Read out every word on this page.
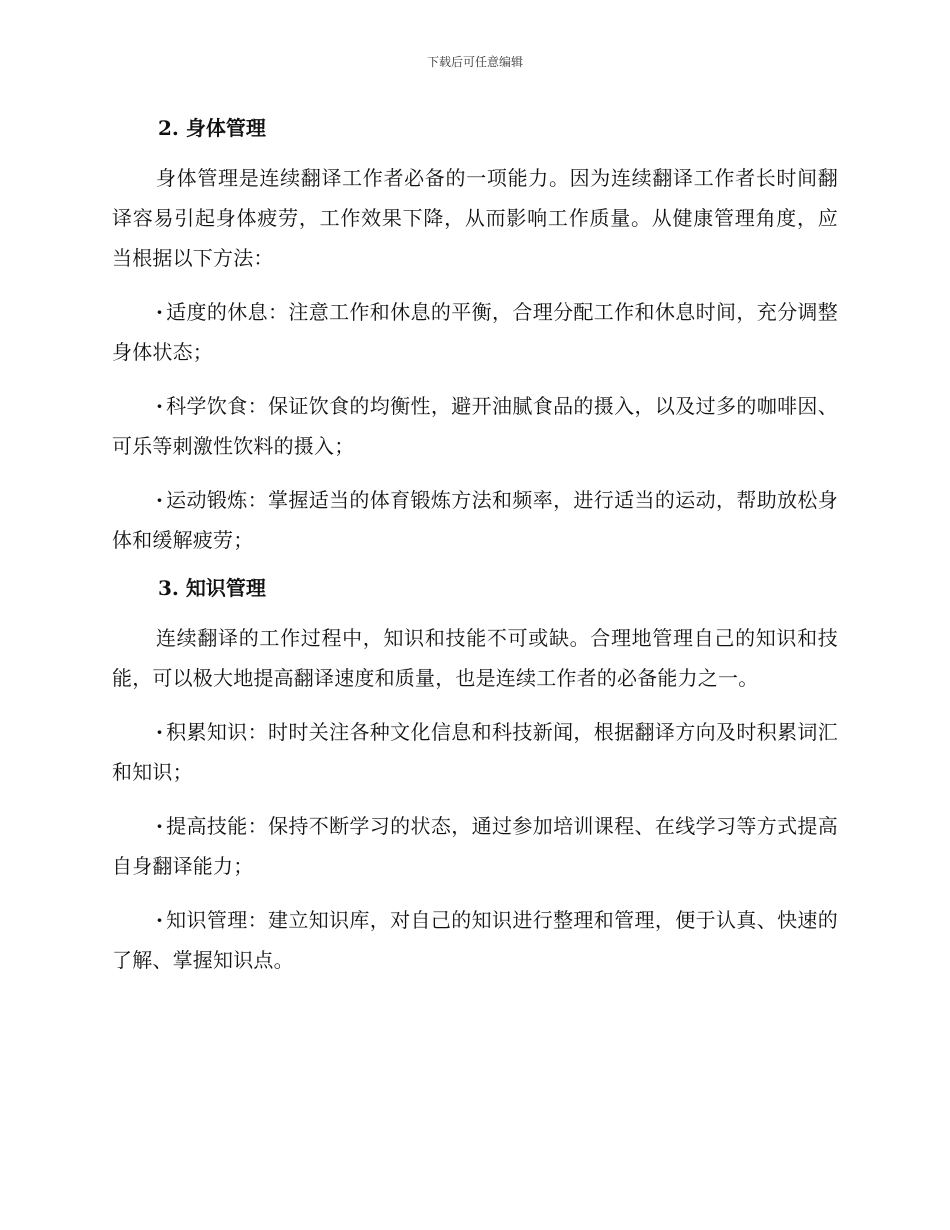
下载后可任意编辑
2. 身体管理

身体管理是连续翻译工作者必备的一项能力。因为连续翻译工作者长时间翻译容易引起身体疲劳，工作效果下降，从而影响工作质量。从健康管理角度，应当根据以下方法：

· 适度的休息：注意工作和休息的平衡，合理分配工作和休息时间，充分调整身体状态；

· 科学饮食：保证饮食的均衡性，避开油腻食品的摄入，以及过多的咖啡因、可乐等刺激性饮料的摄入；

· 运动锻炼：掌握适当的体育锻炼方法和频率，进行适当的运动，帮助放松身体和缓解疲劳；

3. 知识管理

连续翻译的工作过程中，知识和技能不可或缺。合理地管理自己的知识和技能，可以极大地提高翻译速度和质量，也是连续工作者的必备能力之一。

· 积累知识：时时关注各种文化信息和科技新闻，根据翻译方向及时积累词汇和知识；

· 提高技能：保持不断学习的状态，通过参加培训课程、在线学习等方式提高自身翻译能力；

· 知识管理：建立知识库，对自己的知识进行整理和管理，便于认真、快速的了解、掌握知识点。
